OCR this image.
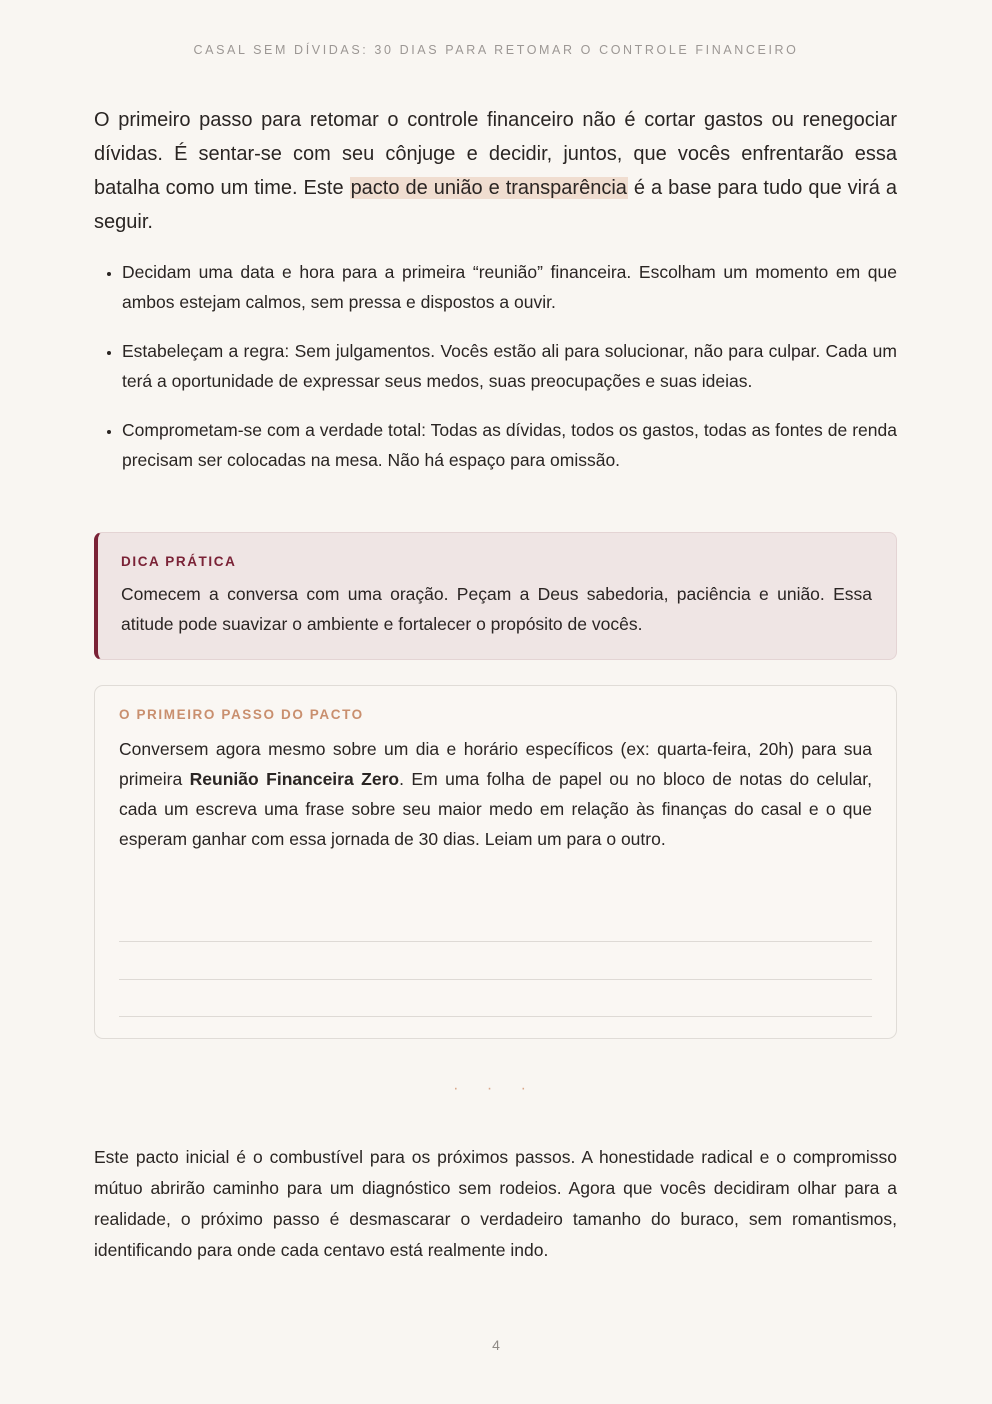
CASAL SEM DÍVIDAS: 30 DIAS PARA RETOMAR O CONTROLE FINANCEIRO

O primeiro passo para retomar o controle financeiro não é cortar gastos ou renegociar dívidas. É sentar-se com seu cônjuge e decidir, juntos, que vocês enfrentarão essa batalha como um time. Este pacto de união e transparência é a base para tudo que virá a seguir.

• Decidam uma data e hora para a primeira “reunião” financeira. Escolham um momento em que ambos estejam calmos, sem pressa e dispostos a ouvir.
• Estabeleçam a regra: Sem julgamentos. Vocês estão ali para solucionar, não para culpar. Cada um terá a oportunidade de expressar seus medos, suas preocupações e suas ideias.
• Comprometam-se com a verdade total: Todas as dívidas, todos os gastos, todas as fontes de renda precisam ser colocadas na mesa. Não há espaço para omissão.
DICA PRÁTICA
Comecem a conversa com uma oração. Peçam a Deus sabedoria, paciência e união. Essa atitude pode suavizar o ambiente e fortalecer o propósito de vocês.
O PRIMEIRO PASSO DO PACTO
Conversem agora mesmo sobre um dia e horário específicos (ex: quarta-feira, 20h) para sua primeira Reunião Financeira Zero. Em uma folha de papel ou no bloco de notas do celular, cada um escreva uma frase sobre seu maior medo em relação às finanças do casal e o que esperam ganhar com essa jornada de 30 dias. Leiam um para o outro.
· · ·

Este pacto inicial é o combustível para os próximos passos. A honestidade radical e o compromisso mútuo abrirão caminho para um diagnóstico sem rodeios. Agora que vocês decidiram olhar para a realidade, o próximo passo é desmascarar o verdadeiro tamanho do buraco, sem romantismos, identificando para onde cada centavo está realmente indo.

4
